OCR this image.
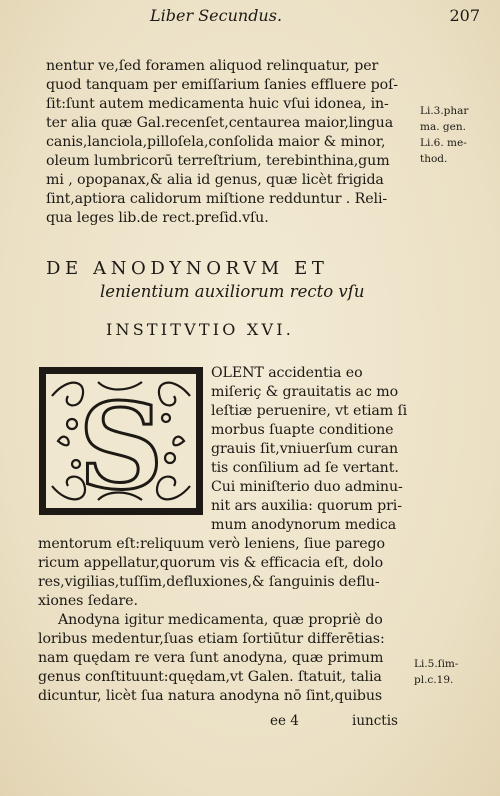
Liber Secundus.	207
nentur ve,ſed foramen aliquod relinquatur, per
quod tanquam per emiſſarium ſanies effluere poſ-
ſit:ſunt autem medicamenta huic vſui idonea, in-
ter alia quæ Gal.recenſet,centaurea maior,lingua
canis,lanciola,pilloſela,conſolida maior & minor,
oleum lumbricorū terreſtrium, terebinthina,gum
mi , opopanax,& alia id genus, quæ licèt frigida
ſint,aptiora calidorum miſtione redduntur . Reli-
qua leges lib.de rect.preſid.vſu.
Li.3.phar
ma. gen.
Li.6. me-
thod.
DE ANODYNORVM ET
lenientium auxiliorum recto vſu
INSTITVTIO XVI.
S
OLENT accidentia eo
miſeriç & grauitatis ac mo
leſtiæ peruenire, vt etiam ſi
morbus ſuapte conditione
grauis ſit,vniuerſum curan
tis conſilium ad ſe vertant.
Cui miniſterio duo adminu-
nit ars auxilia: quorum pri-
mum anodynorum medica
mentorum eſt:reliquum verò leniens, ſiue parego
ricum appellatur,quorum vis & efficacia eſt, dolo
res,vigilias,tuſſim,defluxiones,& ſanguinis deflu-
xiones ſedare.
Anodyna igitur medicamenta, quæ propriè do
loribus medentur,ſuas etiam ſortiūtur differētias:
nam quędam re vera ſunt anodyna, quæ primum
genus conſtituunt:quędam,vt Galen. ſtatuit, talia
dicuntur, licèt ſua natura anodyna nō ſint,quibus
Li.5.ſim-
pl.c.19.
ee 4	iunctis
